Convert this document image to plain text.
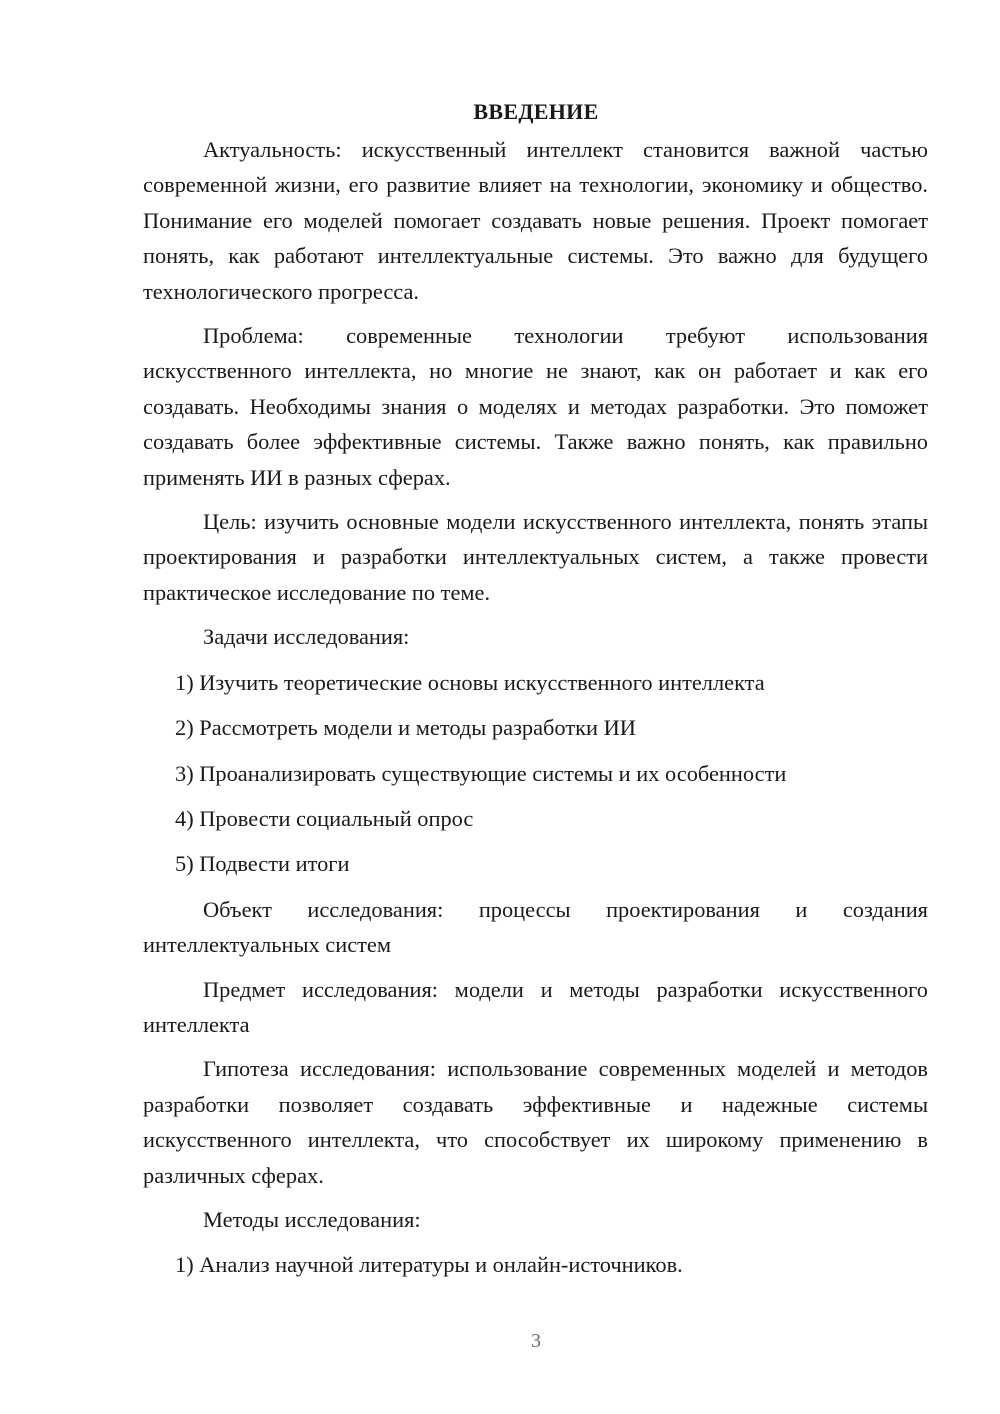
ВВЕДЕНИЕ

Актуальность: искусственный интеллект становится важной частью современной жизни, его развитие влияет на технологии, экономику и общество. Понимание его моделей помогает создавать новые решения. Проект помогает понять, как работают интеллектуальные системы. Это важно для будущего технологического прогресса.

Проблема: современные технологии требуют использования искусственного интеллекта, но многие не знают, как он работает и как его создавать. Необходимы знания о моделях и методах разработки. Это поможет создавать более эффективные системы. Также важно понять, как правильно применять ИИ в разных сферах.

Цель: изучить основные модели искусственного интеллекта, понять этапы проектирования и разработки интеллектуальных систем, а также провести практическое исследование по теме.

Задачи исследования:
1) Изучить теоретические основы искусственного интеллекта
2) Рассмотреть модели и методы разработки ИИ
3) Проанализировать существующие системы и их особенности
4) Провести социальный опрос
5) Подвести итоги

Объект исследования: процессы проектирования и создания интеллектуальных систем

Предмет исследования: модели и методы разработки искусственного интеллекта

Гипотеза исследования: использование современных моделей и методов разработки позволяет создавать эффективные и надежные системы искусственного интеллекта, что способствует их широкому применению в различных сферах.

Методы исследования:
1) Анализ научной литературы и онлайн-источников.
3
